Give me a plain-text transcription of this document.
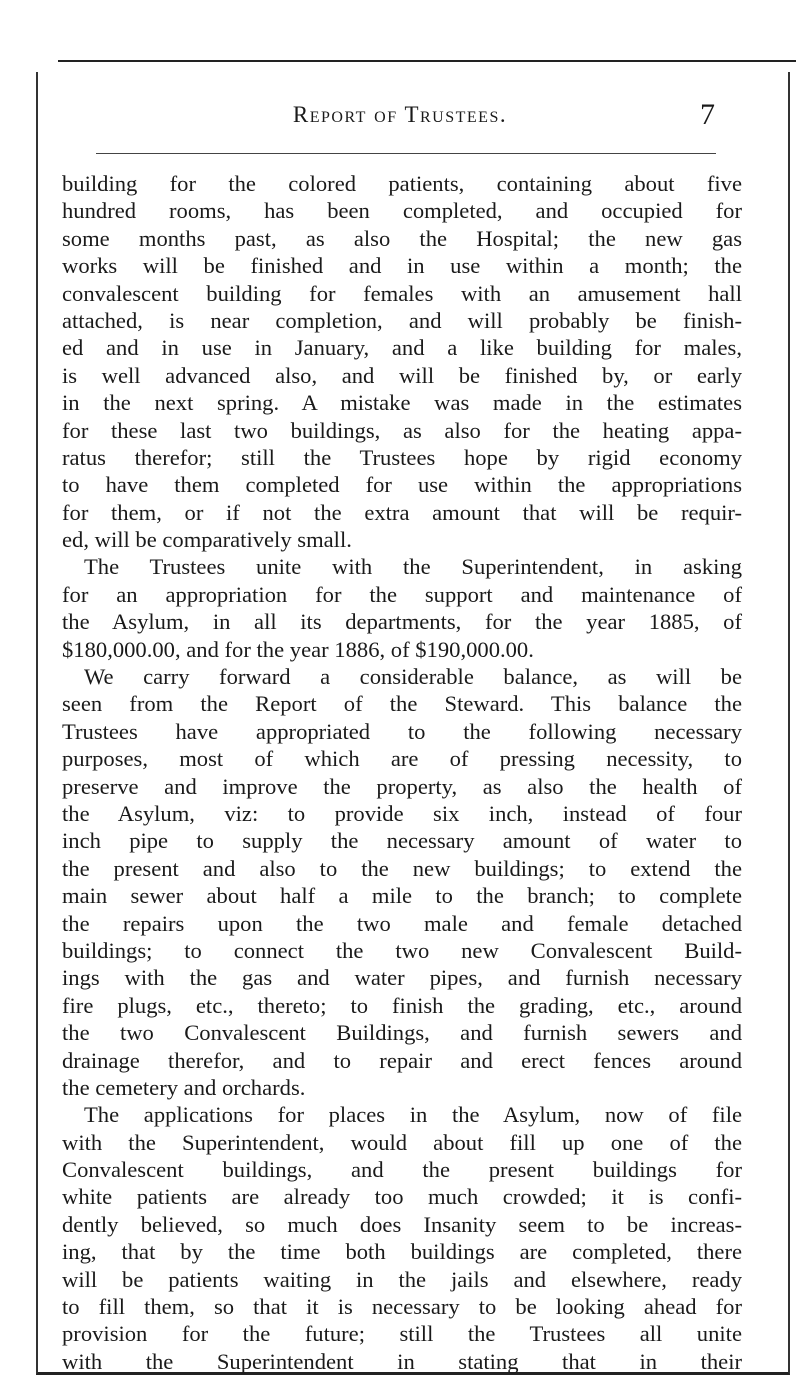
Report of Trustees.	7
building for the colored patients, containing about five
hundred rooms, has been completed, and occupied for
some months past, as also the Hospital; the new gas
works will be finished and in use within a month; the
convalescent building for females with an amusement hall
attached, is near completion, and will probably be finish-
ed and in use in January, and a like building for males,
is well advanced also, and will be finished by, or early
in the next spring. A mistake was made in the estimates
for these last two buildings, as also for the heating appa-
ratus therefor; still the Trustees hope by rigid economy
to have them completed for use within the appropriations
for them, or if not the extra amount that will be requir-
ed, will be comparatively small.
The Trustees unite with the Superintendent, in asking
for an appropriation for the support and maintenance of
the Asylum, in all its departments, for the year 1885, of
$180,000.00, and for the year 1886, of $190,000.00.
We carry forward a considerable balance, as will be
seen from the Report of the Steward. This balance the
Trustees have appropriated to the following necessary
purposes, most of which are of pressing necessity, to
preserve and improve the property, as also the health of
the Asylum, viz: to provide six inch, instead of four
inch pipe to supply the necessary amount of water to
the present and also to the new buildings; to extend the
main sewer about half a mile to the branch; to complete
the repairs upon the two male and female detached
buildings; to connect the two new Convalescent Build-
ings with the gas and water pipes, and furnish necessary
fire plugs, etc., thereto; to finish the grading, etc., around
the two Convalescent Buildings, and furnish sewers and
drainage therefor, and to repair and erect fences around
the cemetery and orchards.
The applications for places in the Asylum, now of file
with the Superintendent, would about fill up one of the
Convalescent buildings, and the present buildings for
white patients are already too much crowded; it is confi-
dently believed, so much does Insanity seem to be increas-
ing, that by the time both buildings are completed, there
will be patients waiting in the jails and elsewhere, ready
to fill them, so that it is necessary to be looking ahead for
provision for the future; still the Trustees all unite
with the Superintendent in stating that in their
